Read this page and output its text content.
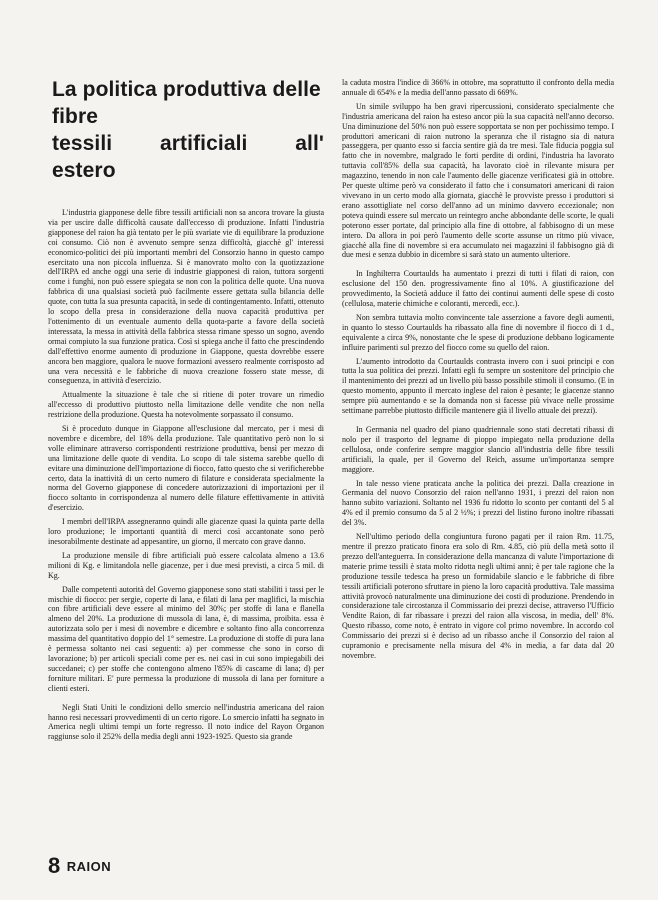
La politica produttiva delle fibre
tessili artificiali all' estero

L'industria giapponese delle fibre tessili artificiali non sa ancora trovare la giusta via per uscire dalle difficoltà causate dall'eccesso di produzione. Infatti l'industria giapponese del raion ha già tentato per le più svariate vie di equilibrare la produzione coi consumo. Ciò non è avvenuto sempre senza difficoltà, giacchè gl' interessi economico-politici dei più importanti membri del Consorzio hanno in questo campo esercitato una non piccola influenza. Si è manovrato molto con la quotizzazione dell'IRPA ed anche oggi una serie di industrie giapponesi di raion, tuttora sorgenti come i funghi, non può essere spiegata se non con la politica delle quote. Una nuova fabbrica di una qualsiasi società può facilmente essere gettata sulla bilancia delle quote, con tutta la sua presunta capacità, in sede di contingentamento. Infatti, ottenuto lo scopo della presa in considerazione della nuova capacità produttiva per l'ottenimento di un eventuale aumento della quota-parte a favore della società interessata, la messa in attività della fabbrica stessa rimane spesso un sogno, avendo ormai compiuto la sua funzione pratica. Così si spiega anche il fatto che prescindendo dall'effettivo enorme aumento di produzione in Giappone, questa dovrebbe essere ancora ben maggiore, qualora le nuove formazioni avessero realmente corrisposto ad una vera necessità e le fabbriche di nuova creazione fossero state messe, di conseguenza, in attività d'esercizio.

Attualmente la situazione è tale che si ritiene di poter trovare un rimedio all'eccesso di produttivo piuttosto nella limitazione delle vendite che non nella restrizione della produzione. Questa ha notevolmente sorpassato il consumo.

Si è proceduto dunque in Giappone all'esclusione dal mercato, per i mesi di novembre e dicembre, del 18% della produzione. Tale quantitativo però non lo si volle eliminare attraverso corrispondenti restrizione produttiva, bensì per mezzo di una limitazione delle quote di vendita. Lo scopo di tale sistema sarebbe quello di evitare una diminuzione dell'importazione di fiocco, fatto questo che si verificherebbe certo, data la inattività di un certo numero di filature e considerata specialmente la norma del Governo giapponese di concedere autorizzazioni di importazioni per il fiocco soltanto in corrispondenza al numero delle filature effettivamente in attività d'esercizio.

I membri dell'IRPA assegneranno quindi alle giacenze quasi la quinta parte della loro produzione; le importanti quantità di merci così accantonate sono però inesorabilmente destinate ad appesantire, un giorno, il mercato con grave danno.

La produzione mensile di fibre artificiali può essere calcolata almeno a 13.6 milioni di Kg. e limitandola nelle giacenze, per i due mesi previsti, a circa 5 mil. di Kg.

Dalle competenti autorità del Governo giapponese sono stati stabiliti i tassi per le mischie di fiocco: per sergie, coperte di lana, e filati di lana per maglifici, la mischia con fibre artificiali deve essere al minimo del 30%; per stoffe di lana e flanella almeno del 20%. La produzione di mussola di lana, è, di massima, proibita. essa è autorizzata solo per i mesi di novembre e dicembre e soltanto fino alla concorrenza massima del quantitativo doppio del 1° semestre. La produzione di stoffe di pura lana è permessa soltanto nei casi seguenti: a) per commesse che sono in corso di lavorazione; b) per articoli speciali come per es. nei casi in cui sono impiegabili dei succedanei; c) per stoffe che contengono almeno l'85% di cascame di lana; d) per forniture militari. E' pure permessa la produzione di mussola di lana per forniture a clienti esteri.

Negli Stati Uniti le condizioni dello smercio nell'industria americana del raion hanno resi necessari provvedimenti di un certo rigore. Lo smercio infatti ha segnato in America negli ultimi tempi un forte regresso. Il noto indice del Rayon Organon raggiunse solo il 252% della media degli anni 1923-1925. Questo sia grande

la caduta mostra l'indice di 366% in ottobre, ma soprattutto il confronto della media annuale di 654% e la media dell'anno passato di 669%.

Un simile sviluppo ha ben gravi ripercussioni, considerato specialmente che l'industria americana del raion ha esteso ancor più la sua capacità nell'anno decorso. Una diminuzione del 50% non può essere sopportata se non per pochissimo tempo. I produttori americani di raion nutrono la speranza che il ristagno sia di natura passeggera, per quanto esso si faccia sentire già da tre mesi. Tale fiducia poggia sul fatto che in novembre, malgrado le forti perdite di ordini, l'industria ha lavorato tuttavia coll'85% della sua capacità, ha lavorato cioè in rilevante misura per magazzino, tenendo in non cale l'aumento delle giacenze verificatesi già in ottobre. Per queste ultime però va considerato il fatto che i consumatori americani di raion vivevano in un certo modo alla giornata, giacchè le provviste presso i produttori si erano assottigliate nel corso dell'anno ad un minimo davvero eccezionale; non poteva quindi essere sul mercato un reintegro anche abbondante delle scorte, le quali poterono esser portate, dal principio alla fine di ottobre, al fabbisogno di un mese intero. Da allora in poi però l'aumento delle scorte assunse un ritmo più vivace, giacchè alla fine di novembre si era accumulato nei magazzini il fabbisogno già di due mesi e senza dubbio in dicembre si sarà stato un aumento ulteriore.

In Inghilterra Courtaulds ha aumentato i prezzi di tutti i filati di raion, con esclusione del 150 den. progressivamente fino al 10%. A giustificazione del provvedimento, la Società adduce il fatto dei continui aumenti delle spese di costo (cellulosa, materie chimiche e coloranti, mercedi, ecc.).

Non sembra tuttavia molto convincente tale asserzione a favore degli aumenti, in quanto lo stesso Courtaulds ha ribassato alla fine di novembre il fiocco di 1 d., equivalente a circa 9%, nonostante che le spese di produzione debbano logicamente influire parimenti sul prezzo del fiocco come su quello del raion.

L'aumento introdotto da Courtaulds contrasta invero con i suoi principi e con tutta la sua politica dei prezzi. Infatti egli fu sempre un sostenitore del principio che il mantenimento dei prezzi ad un livello più basso possibile stimoli il consumo. (E in questo momento, appunto il mercato inglese del raion è pesante; le giacenze stanno sempre più aumentando e se la domanda non si facesse più vivace nelle prossime settimane parrebbe piuttosto difficile mantenere già il livello attuale dei prezzi).

In Germania nel quadro del piano quadriennale sono stati decretati ribassi di nolo per il trasporto del legname di pioppo impiegato nella produzione della cellulosa, onde conferire sempre maggior slancio all'industria delle fibre tessili artificiali, la quale, per il Governo del Reich, assume un'importanza sempre maggiore.

In tale nesso viene praticata anche la politica dei prezzi. Dalla creazione in Germania del nuovo Consorzio del raion nell'anno 1931, i prezzi del raion non hanno subito variazioni. Soltanto nel 1936 fu ridotto lo sconto per contanti del 5 al 4% ed il premio consumo da 5 al 2 ½%; i prezzi del listino furono inoltre ribassati del 3%.

Nell'ultimo periodo della congiuntura furono pagati per il raion Rm. 11.75, mentre il prezzo praticato finora era solo di Rm. 4.85, ciò più della metà sotto il prezzo dell'anteguerra. In considerazione della mancanza di valute l'importazione di materie prime tessili è stata molto ridotta negli ultimi anni; è per tale ragione che la produzione tessile tedesca ha preso un formidabile slancio e le fabbriche di fibre tessili artificiali poterono sfruttare in pieno la loro capacità produttiva. Tale massima attività provocò naturalmente una diminuzione dei costi di produzione. Prendendo in considerazione tale circostanza il Commissario dei prezzi decise, attraverso l'Ufficio Vendite Raion, di far ribassare i prezzi del raion alla viscosa, in media, dell' 8%. Questo ribasso, come noto, è entrato in vigore col primo novembre. In accordo col Commissario dei prezzi si è deciso ad un ribasso anche il Consorzio del raion al cupramonio e precisamente nella misura del 4% in media, a far data dal 20 novembre.

8 RAION
